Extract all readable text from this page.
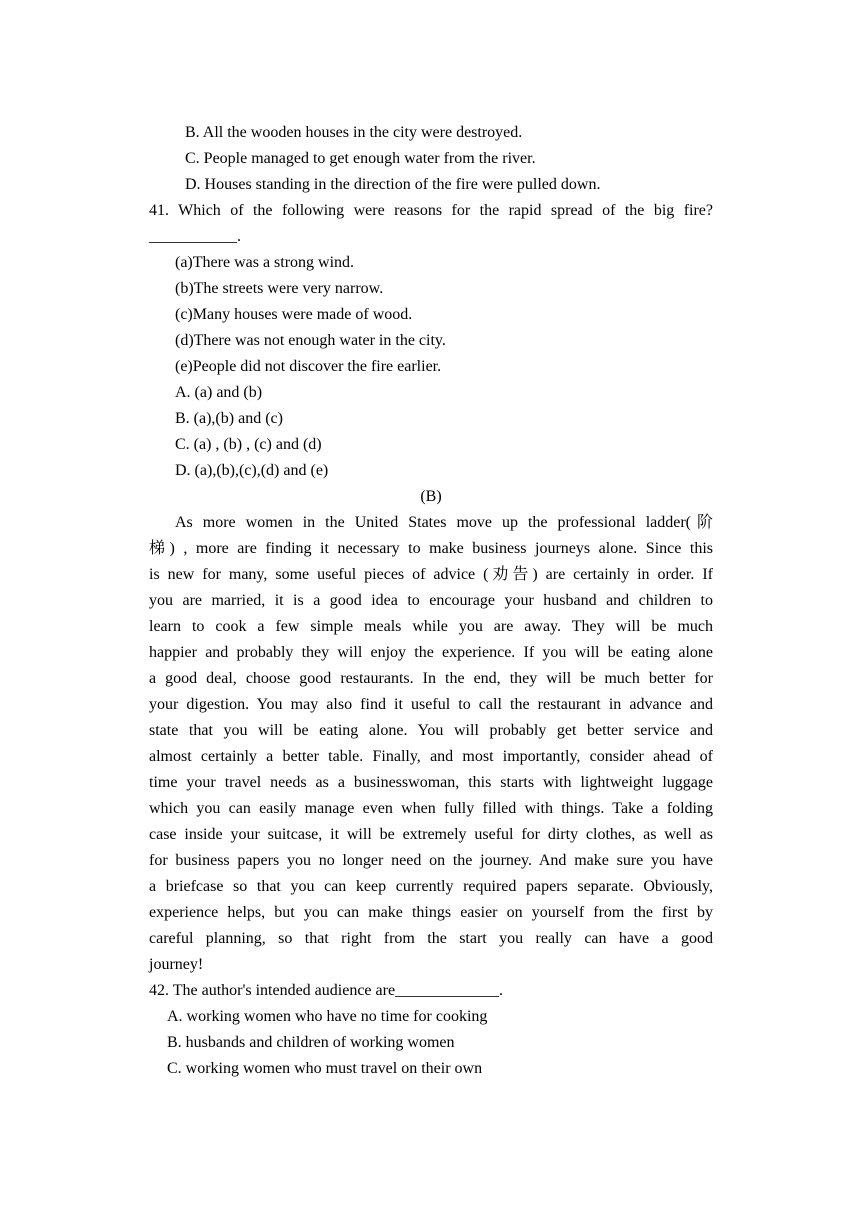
B. All the wooden houses in the city were destroyed.
C. People managed to get enough water from the river.
D. Houses standing in the direction of the fire were pulled down.
41. Which of the following were reasons for the rapid spread of the big fire?
___________.
(a)There was a strong wind.
(b)The streets were very narrow.
(c)Many houses were made of wood.
(d)There was not enough water in the city.
(e)People did not discover the fire earlier.
A. (a) and (b)
B. (a),(b) and (c)
C. (a) , (b) , (c) and (d)
D. (a),(b),(c),(d) and (e)
(B)
As more women in the United States move up the professional ladder(阶
梯) , more are finding it necessary to make business journeys alone. Since this
is new for many, some useful pieces of advice (劝告) are certainly in order. If
you are married, it is a good idea to encourage your husband and children to
learn to cook a few simple meals while you are away. They will be much
happier and probably they will enjoy the experience. If you will be eating alone
a good deal, choose good restaurants. In the end, they will be much better for
your digestion. You may also find it useful to call the restaurant in advance and
state that you will be eating alone. You will probably get better service and
almost certainly a better table. Finally, and most importantly, consider ahead of
time your travel needs as a businesswoman, this starts with lightweight luggage
which you can easily manage even when fully filled with things. Take a folding
case inside your suitcase, it will be extremely useful for dirty clothes, as well as
for business papers you no longer need on the journey. And make sure you have
a briefcase so that you can keep currently required papers separate. Obviously,
experience helps, but you can make things easier on yourself from the first by
careful planning, so that right from the start you really can have a good
journey!
42. The author's intended audience are_____________.
A. working women who have no time for cooking
B. husbands and children of working women
C. working women who must travel on their own
